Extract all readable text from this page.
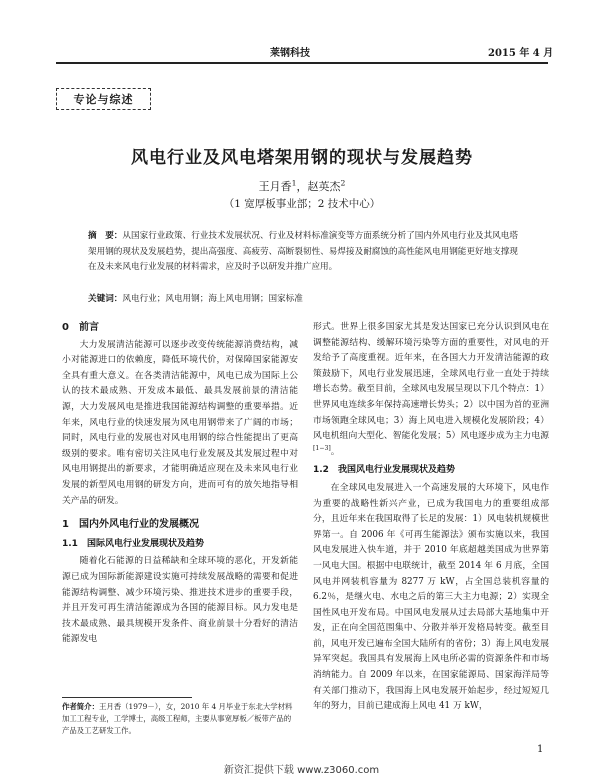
莱钢科技	2015 年 4 月
专论与综述
风电行业及风电塔架用钢的现状与发展趋势
王月香$^1$，赵英杰$^2$
（1 宽厚板事业部；2 技术中心）
摘　要：从国家行业政策、行业技术发展状况、行业及材料标准演变等方面系统分析了国内外风电行业及其风电塔架用钢的现状及发展趋势，提出高强度、高疲劳、高断裂韧性、易焊接及耐腐蚀的高性能风电用钢能更好地支撑现在及未来风电行业发展的材料需求，应及时予以研发并推广应用。
关键词：风电行业；风电用钢；海上风电用钢；国家标准
0　前言

大力发展清洁能源可以逐步改变传统能源消费结构，减小对能源进口的依赖度，降低环境代价，对保障国家能源安全具有重大意义。在各类清洁能源中，风电已成为国际上公认的技术最成熟、开发成本最低、最具发展前景的清洁能源，大力发展风电是推进我国能源结构调整的重要举措。近年来，风电行业的快速发展为风电用钢带来了广阔的市场；同时，风电行业的发展也对风电用钢的综合性能提出了更高级别的要求。唯有密切关注风电行业发展及其发展过程中对风电用钢提出的新要求，才能明确适应现在及未来风电行业发展的新型风电用钢的研发方向，进而可有的放矢地指导相关产品的研发。

1　国内外风电行业的发展概况
1.1　国际风电行业发展现状及趋势

随着化石能源的日益稀缺和全球环境的恶化，开发新能源已成为国际新能源建设实施可持续发展战略的需要和促进能源结构调整、减少环境污染、推进技术进步的重要手段，并且开发可再生清洁能源成为各国的能源目标。风力发电是技术最成熟、最具规模开发条件、商业前景十分看好的清洁能源发电

作者简介：王月香（1979－），女，2010 年 4 月毕业于东北大学材料加工工程专业，工学博士，高级工程师，主要从事宽厚板／板带产品的产品及工艺研发工作。

形式。世界上很多国家尤其是发达国家已充分认识到风电在调整能源结构、缓解环境污染等方面的重要性，对风电的开发给予了高度重视。近年来，在各国大力开发清洁能源的政策鼓励下，风电行业发展迅速，全球风电行业一直处于持续增长态势。截至目前，全球风电发展呈现以下几个特点：1）世界风电连续多年保持高速增长势头；2）以中国为首的亚洲市场领跑全球风电；3）海上风电进入规模化发展阶段；4）风电机组向大型化、智能化发展；5）风电逐步成为主力电源[1−3]。

1.2　我国风电行业发展现状及趋势

在全球风电发展进入一个高速发展的大环境下，风电作为重要的战略性新兴产业，已成为我国电力的重要组成部分，且近年来在我国取得了长足的发展：1）风电装机规模世界第一。自 2006 年《可再生能源法》颁布实施以来，我国风电发展进入快车道，并于 2010 年底超越美国成为世界第一风电大国。根据中电联统计，截至 2014 年 6 月底，全国风电并网装机容量为 8277 万 kW，占全国总装机容量的 6.2％，是继火电、水电之后的第三大主力电源；2）实现全国性风电开发布局。中国风电发展从过去局部大基地集中开发，正在向全国范围集中、分散并举开发格局转变。截至目前，风电开发已遍布全国大陆所有的省份；3）海上风电发展异军突起。我国具有发展海上风电所必需的资源条件和市场消纳能力。自 2009 年以来，在国家能源局、国家海洋局等有关部门推动下，我国海上风电发展开始起步，经过短短几年的努力，目前已建成海上风电 41 万 kW，

1
新资汇提供下载 www.z3060.com
